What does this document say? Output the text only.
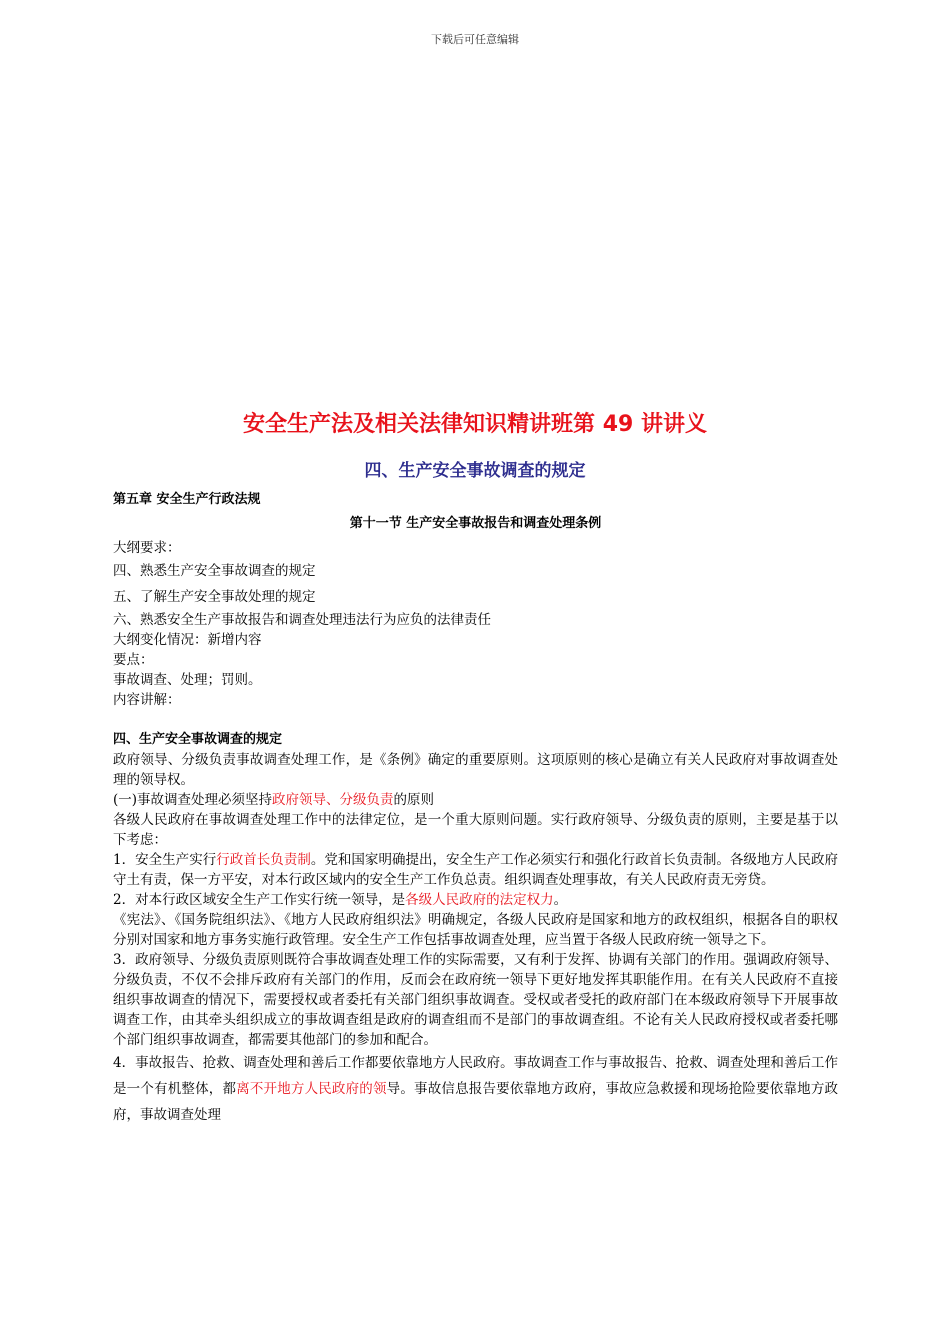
下载后可任意编辑
安全生产法及相关法律知识精讲班第 49 讲讲义
四、生产安全事故调查的规定
第五章 安全生产行政法规
第十一节 生产安全事故报告和调查处理条例

大纲要求：

四、熟悉生产安全事故调查的规定

五、了解生产安全事故处理的规定

六、熟悉安全生产事故报告和调查处理违法行为应负的法律责任

大纲变化情况：新增内容

要点：

事故调查、处理；罚则。

内容讲解：

四、生产安全事故调查的规定

政府领导、分级负责事故调查处理工作，是《条例》确定的重要原则。这项原则的核心是确立有关人民政府对事故调查处理的领导权。

(一)事故调查处理必须坚持政府领导、分级负责的原则

各级人民政府在事故调查处理工作中的法律定位，是一个重大原则问题。实行政府领导、分级负责的原则，主要是基于以下考虑：

1．安全生产实行行政首长负责制。党和国家明确提出，安全生产工作必须实行和强化行政首长负责制。各级地方人民政府守土有责，保一方平安，对本行政区域内的安全生产工作负总责。组织调查处理事故，有关人民政府责无旁贷。

2．对本行政区域安全生产工作实行统一领导，是各级人民政府的法定权力。

《宪法》、《国务院组织法》、《地方人民政府组织法》明确规定，各级人民政府是国家和地方的政权组织，根据各自的职权分别对国家和地方事务实施行政管理。安全生产工作包括事故调查处理，应当置于各级人民政府统一领导之下。

3．政府领导、分级负责原则既符合事故调查处理工作的实际需要，又有利于发挥、协调有关部门的作用。强调政府领导、分级负责，不仅不会排斥政府有关部门的作用，反而会在政府统一领导下更好地发挥其职能作用。在有关人民政府不直接组织事故调查的情况下，需要授权或者委托有关部门组织事故调查。受权或者受托的政府部门在本级政府领导下开展事故调查工作，由其牵头组织成立的事故调查组是政府的调查组而不是部门的事故调查组。不论有关人民政府授权或者委托哪个部门组织事故调查，都需要其他部门的参加和配合。

4．事故报告、抢救、调查处理和善后工作都要依靠地方人民政府。事故调查工作与事故报告、抢救、调查处理和善后工作是一个有机整体，都离不开地方人民政府的领导。事故信息报告要依靠地方政府，事故应急救援和现场抢险要依靠地方政府，事故调查处理
